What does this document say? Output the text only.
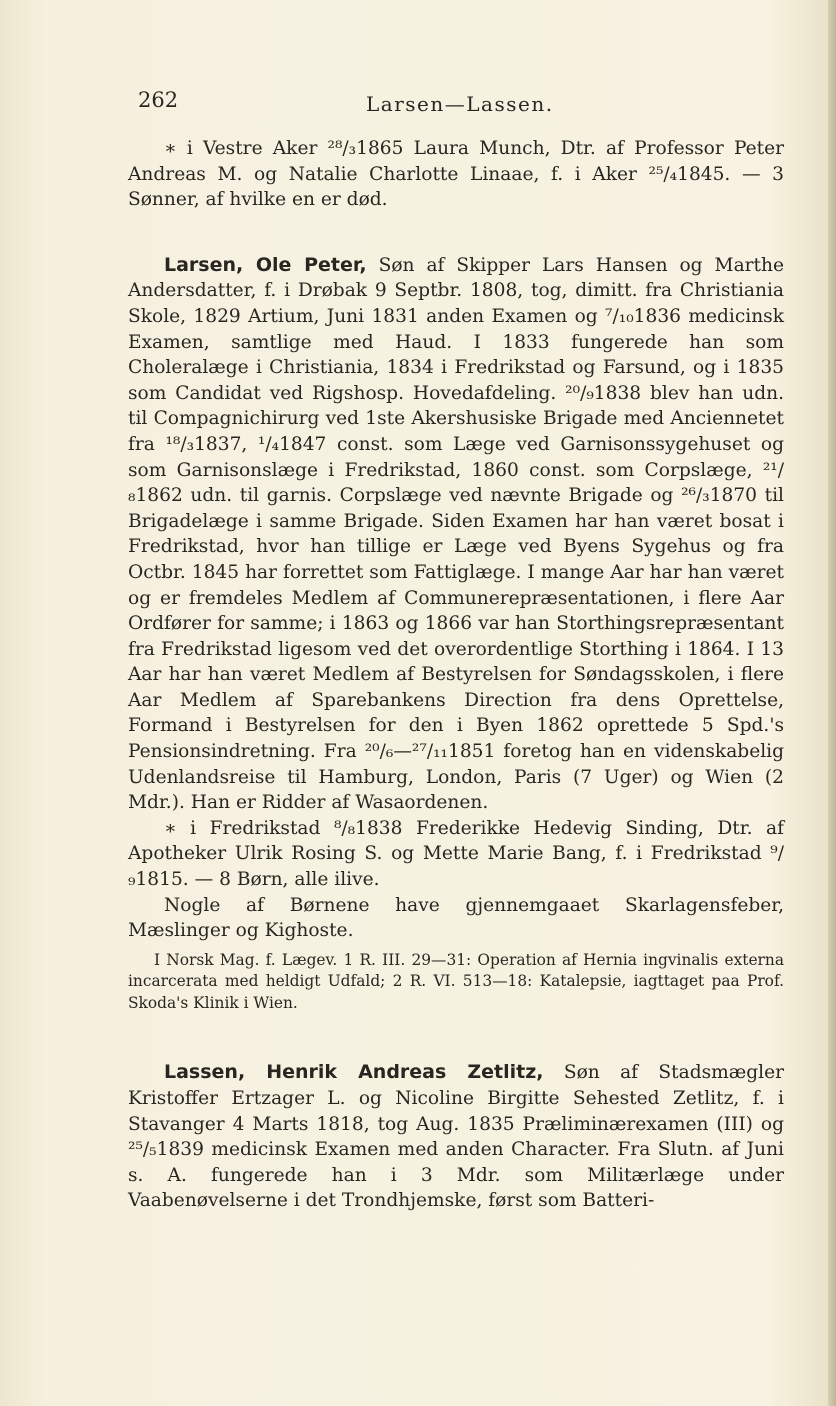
262	Larsen—Lassen.

∗ i Vestre Aker ²⁸/₃1865 Laura Munch, Dtr. af Professor Peter Andreas M. og Natalie Charlotte Linaae, f. i Aker ²⁵/₄1845. — 3 Sønner, af hvilke en er død.

Larsen, Ole Peter, Søn af Skipper Lars Hansen og Marthe Andersdatter, f. i Drøbak 9 Septbr. 1808, tog, dimitt. fra Christiania Skole, 1829 Artium, Juni 1831 anden Examen og ⁷/₁₀1836 medicinsk Examen, samtlige med Haud. I 1833 fungerede han som Choleralæge i Christiania, 1834 i Fredrikstad og Farsund, og i 1835 som Candidat ved Rigshosp. Hovedafdeling. ²⁰/₉1838 blev han udn. til Compagnichirurg ved 1ste Akershusiske Brigade med Anciennetet fra ¹⁸/₃1837, ¹/₄1847 const. som Læge ved Garnisonssygehuset og som Garnisonslæge i Fredrikstad, 1860 const. som Corpslæge, ²¹/₈1862 udn. til garnis. Corpslæge ved nævnte Brigade og ²⁶/₃1870 til Brigadelæge i samme Brigade. Siden Examen har han været bosat i Fredrikstad, hvor han tillige er Læge ved Byens Sygehus og fra Octbr. 1845 har forrettet som Fattiglæge. I mange Aar har han været og er fremdeles Medlem af Communerepræsentationen, i flere Aar Ordfører for samme; i 1863 og 1866 var han Storthingsrepræsentant fra Fredrikstad ligesom ved det overordentlige Storthing i 1864. I 13 Aar har han været Medlem af Bestyrelsen for Søndagsskolen, i flere Aar Medlem af Sparebankens Direction fra dens Oprettelse, Formand i Bestyrelsen for den i Byen 1862 oprettede 5 Spd.'s Pensionsindretning. Fra ²⁰/₆—²⁷/₁₁1851 foretog han en videnskabelig Udenlandsreise til Hamburg, London, Paris (7 Uger) og Wien (2 Mdr.). Han er Ridder af Wasaordenen.

∗ i Fredrikstad ⁸/₈1838 Frederikke Hedevig Sinding, Dtr. af Apotheker Ulrik Rosing S. og Mette Marie Bang, f. i Fredrikstad ⁹/₉1815. — 8 Børn, alle ilive.

Nogle af Børnene have gjennemgaaet Skarlagensfeber, Mæslinger og Kighoste.

I Norsk Mag. f. Lægev. 1 R. III. 29—31: Operation af Hernia ingvinalis externa incarcerata med heldigt Udfald; 2 R. VI. 513—18: Katalepsie, iagttaget paa Prof. Skoda's Klinik i Wien.

Lassen, Henrik Andreas Zetlitz, Søn af Stadsmægler Kristoffer Ertzager L. og Nicoline Birgitte Sehested Zetlitz, f. i Stavanger 4 Marts 1818, tog Aug. 1835 Præliminærexamen (III) og ²⁵/₅1839 medicinsk Examen med anden Character. Fra Slutn. af Juni s. A. fungerede han i 3 Mdr. som Militærlæge under Vaabenøvelserne i det Trondhjemske, først som Batteri-
